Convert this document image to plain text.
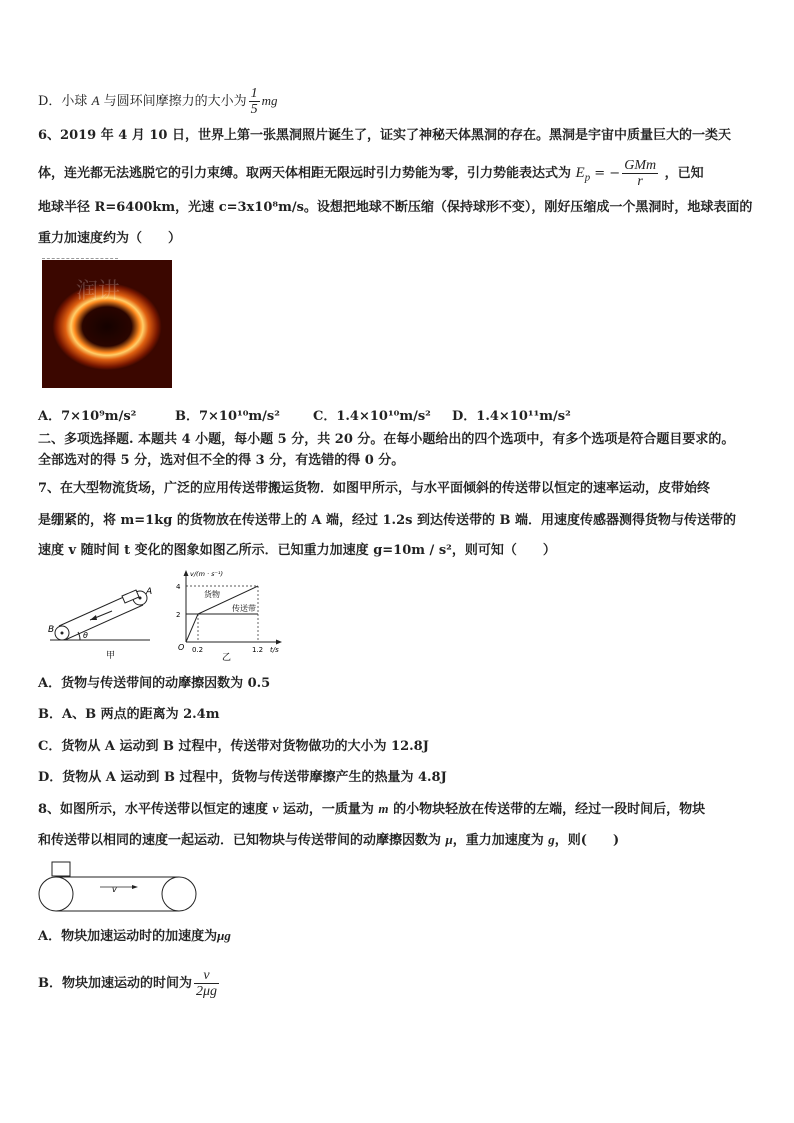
D．小球 A 与圆环间摩擦力的大小为 $\frac{1}{5}$ mg
6、2019 年 4 月 10 日，世界上第一张黑洞照片诞生了，证实了神秘天体黑洞的存在。黑洞是宇宙中质量巨大的一类天
体，连光都无法逃脱它的引力束缚。取两天体相距无限远时引力势能为零，引力势能表达式为 $E_p$ = − $\frac{\text{GMm}}{r}$ ，已知
地球半径 R=6400km，光速 c=3x10⁸m/s。设想把地球不断压缩（保持球形不变），刚好压缩成一个黑洞时，地球表面的
重力加速度约为（　　）
润讲
A．7×10⁹m/s²	B．7×10¹⁰m/s²	C．1.4×10¹⁰m/s² D．1.4×10¹¹m/s²
二、多项选择题. 本题共 4 小题，每小题 5 分，共 20 分。在每小题给出的四个选项中，有多个选项是符合题目要求的。
全部选对的得 5 分，选对但不全的得 3 分，有选错的得 0 分。
7、在大型物流货场，广泛的应用传送带搬运货物．如图甲所示，与水平面倾斜的传送带以恒定的速率运动，皮带始终
是绷紧的，将 m=1kg 的货物放在传送带上的 A 端，经过 1.2s 到达传送带的 B 端．用速度传感器测得货物与传送带的
速度 v 随时间 t 变化的图象如图乙所示．已知重力加速度 g=10m / s²，则可知（　　）
A
B
θ
甲
v/(m · s⁻¹)
t/s
O
2
4
0.2	1.2
货物
传送带
乙
A．货物与传送带间的动摩擦因数为 0.5
B．A、B 两点的距离为 2.4m
C．货物从 A 运动到 B 过程中，传送带对货物做功的大小为 12.8J
D．货物从 A 运动到 B 过程中，货物与传送带摩擦产生的热量为 4.8J
8、如图所示，水平传送带以恒定的速度 v 运动，一质量为 m 的小物块轻放在传送带的左端，经过一段时间后，物块
和传送带以相同的速度一起运动．已知物块与传送带间的动摩擦因数为 μ，重力加速度为 g，则(　　)
v
A．物块加速运动时的加速度为μg
B．物块加速运动的时间为 $\frac{v}{2\mu g}$
